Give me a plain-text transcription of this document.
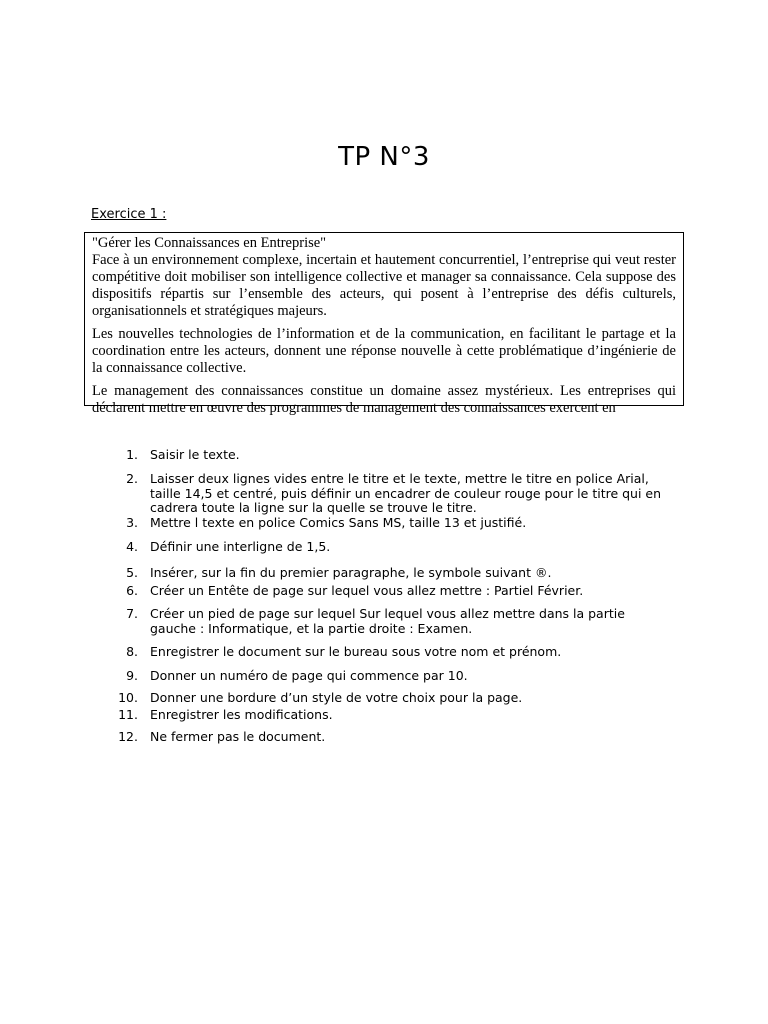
TP N°3
Exercice 1 :

"Gérer les Connaissances en Entreprise"

Face à un environnement complexe, incertain et hautement concurrentiel, l’entreprise qui veut rester compétitive doit mobiliser son intelligence collective et manager sa connaissance. Cela suppose des dispositifs répartis sur l’ensemble des acteurs, qui posent à l’entreprise des défis culturels, organisationnels et stratégiques majeurs.

Les nouvelles technologies de l’information et de la communication, en facilitant le partage et la coordination entre les acteurs, donnent une réponse nouvelle à cette problématique d’ingénierie de la connaissance collective.

Le management des connaissances constitue un domaine assez mystérieux. Les entreprises qui déclarent mettre en œuvre des programmes de management des connaissances exercent en

1. Saisir le texte.
2. Laisser deux lignes vides entre le titre et le texte, mettre le titre en police Arial, taille 14,5 et centré, puis définir un encadrer de couleur rouge pour le titre qui en cadrera toute la ligne sur la quelle se trouve le titre.
3. Mettre l texte en police Comics Sans MS, taille 13 et justifié.
4. Définir une interligne de 1,5.
5. Insérer, sur la fin du premier paragraphe, le symbole suivant ®.
6. Créer un Entête de page sur lequel vous allez mettre : Partiel Février.
7. Créer un pied de page sur lequel Sur lequel vous allez mettre dans la partie gauche : Informatique, et la partie droite : Examen.
8. Enregistrer le document sur le bureau sous votre nom et prénom.
9. Donner un numéro de page qui commence par 10.
10. Donner une bordure d’un style de votre choix pour la page.
11. Enregistrer les modifications.
12. Ne fermer pas le document.
